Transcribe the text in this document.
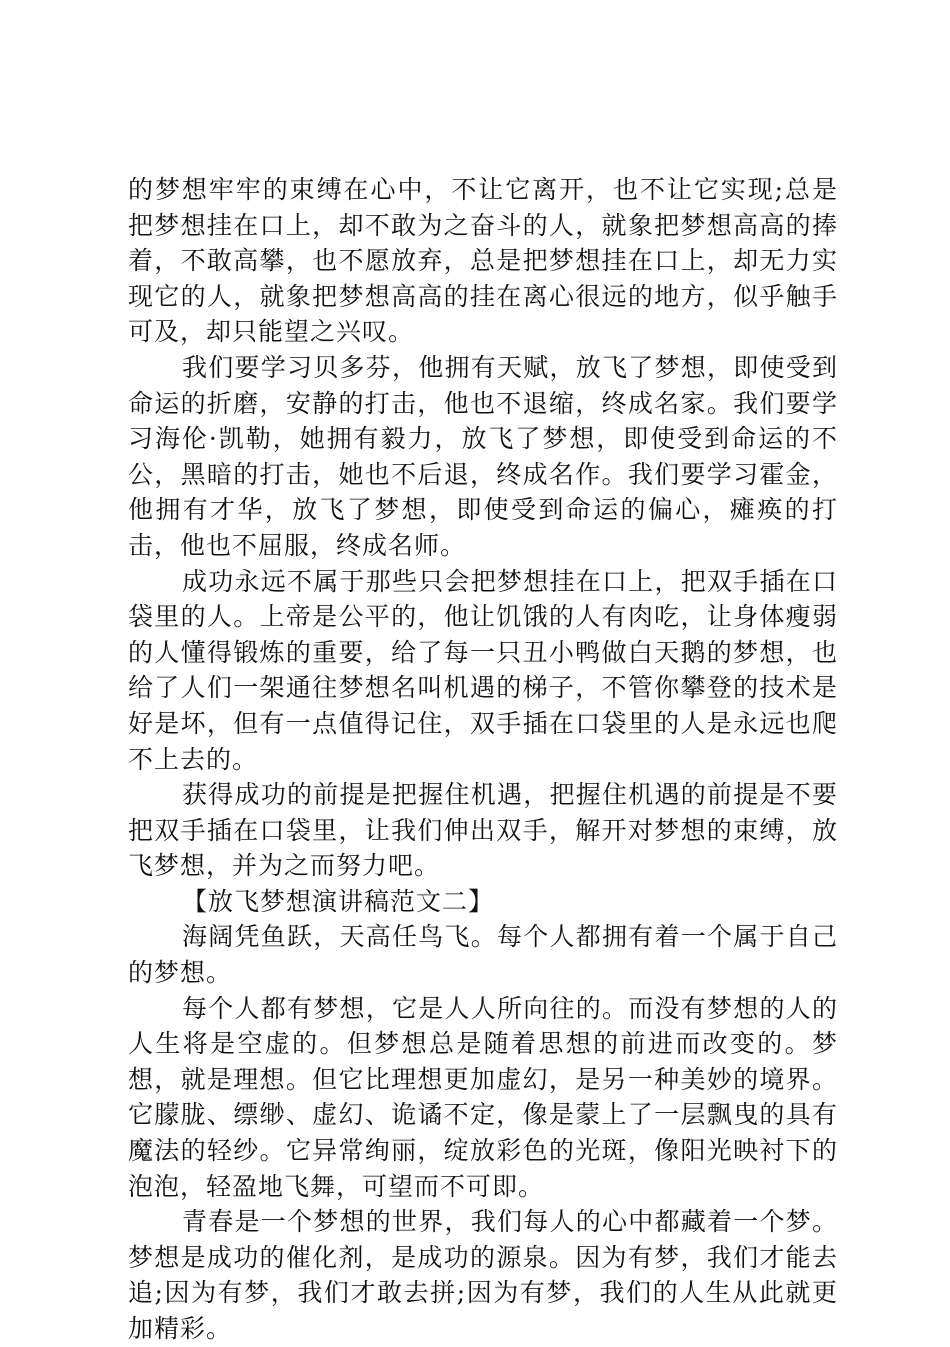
的梦想牢牢的束缚在心中，不让它离开，也不让它实现;总是把梦想挂在口上，却不敢为之奋斗的人，就象把梦想高高的捧着，不敢高攀，也不愿放弃，总是把梦想挂在口上，却无力实现它的人，就象把梦想高高的挂在离心很远的地方，似乎触手可及，却只能望之兴叹。

我们要学习贝多芬，他拥有天赋，放飞了梦想，即使受到命运的折磨，安静的打击，他也不退缩，终成名家。我们要学习海伦·凯勒，她拥有毅力，放飞了梦想，即使受到命运的不公，黑暗的打击，她也不后退，终成名作。我们要学习霍金，他拥有才华，放飞了梦想，即使受到命运的偏心，瘫痪的打击，他也不屈服，终成名师。

成功永远不属于那些只会把梦想挂在口上，把双手插在口袋里的人。上帝是公平的，他让饥饿的人有肉吃，让身体瘦弱的人懂得锻炼的重要，给了每一只丑小鸭做白天鹅的梦想，也给了人们一架通往梦想名叫机遇的梯子，不管你攀登的技术是好是坏，但有一点值得记住，双手插在口袋里的人是永远也爬不上去的。

获得成功的前提是把握住机遇，把握住机遇的前提是不要把双手插在口袋里，让我们伸出双手，解开对梦想的束缚，放飞梦想，并为之而努力吧。

【放飞梦想演讲稿范文二】

海阔凭鱼跃，天高任鸟飞。每个人都拥有着一个属于自己的梦想。

每个人都有梦想，它是人人所向往的。而没有梦想的人的人生将是空虚的。但梦想总是随着思想的前进而改变的。梦想，就是理想。但它比理想更加虚幻，是另一种美妙的境界。它朦胧、缥缈、虚幻、诡谲不定，像是蒙上了一层飘曳的具有魔法的轻纱。它异常绚丽，绽放彩色的光斑，像阳光映衬下的泡泡，轻盈地飞舞，可望而不可即。

青春是一个梦想的世界，我们每人的心中都藏着一个梦。梦想是成功的催化剂，是成功的源泉。因为有梦，我们才能去追;因为有梦，我们才敢去拼;因为有梦，我们的人生从此就更加精彩。
